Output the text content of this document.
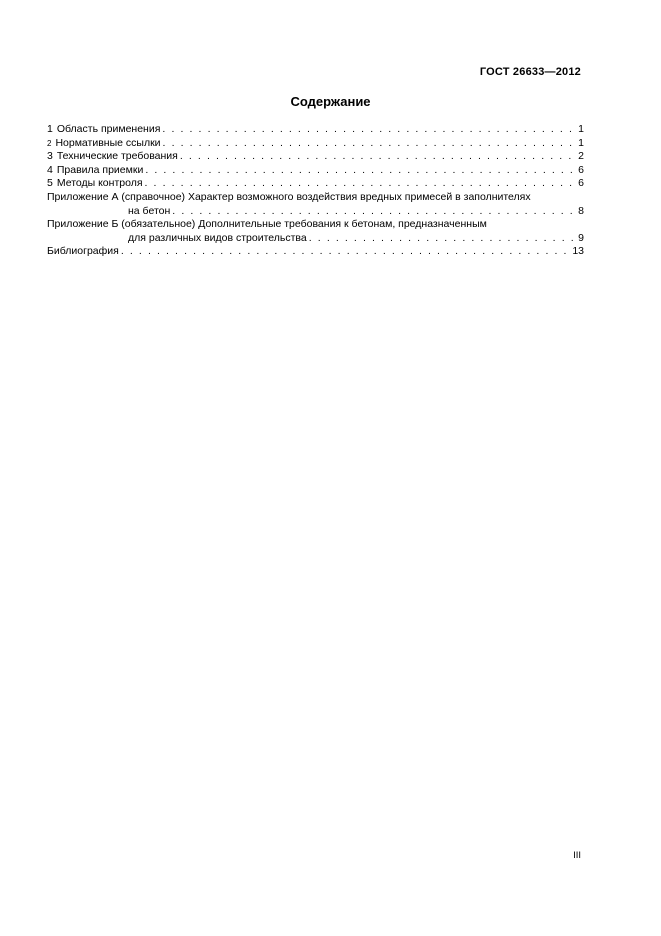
ГОСТ 26633—2012
Содержание
1 Область применения . . .	1
2 Нормативные ссылки . . .	1
3 Технические требования . . .	2
4 Правила приемки . . .	6
5 Методы контроля . . .	6
Приложение А (справочное) Характер возможного воздействия вредных примесей в заполнителях
на бетон . . .	8
Приложение Б (обязательное) Дополнительные требования к бетонам, предназначенным
для различных видов строительства . . .	9
Библиография . . .	13
III
